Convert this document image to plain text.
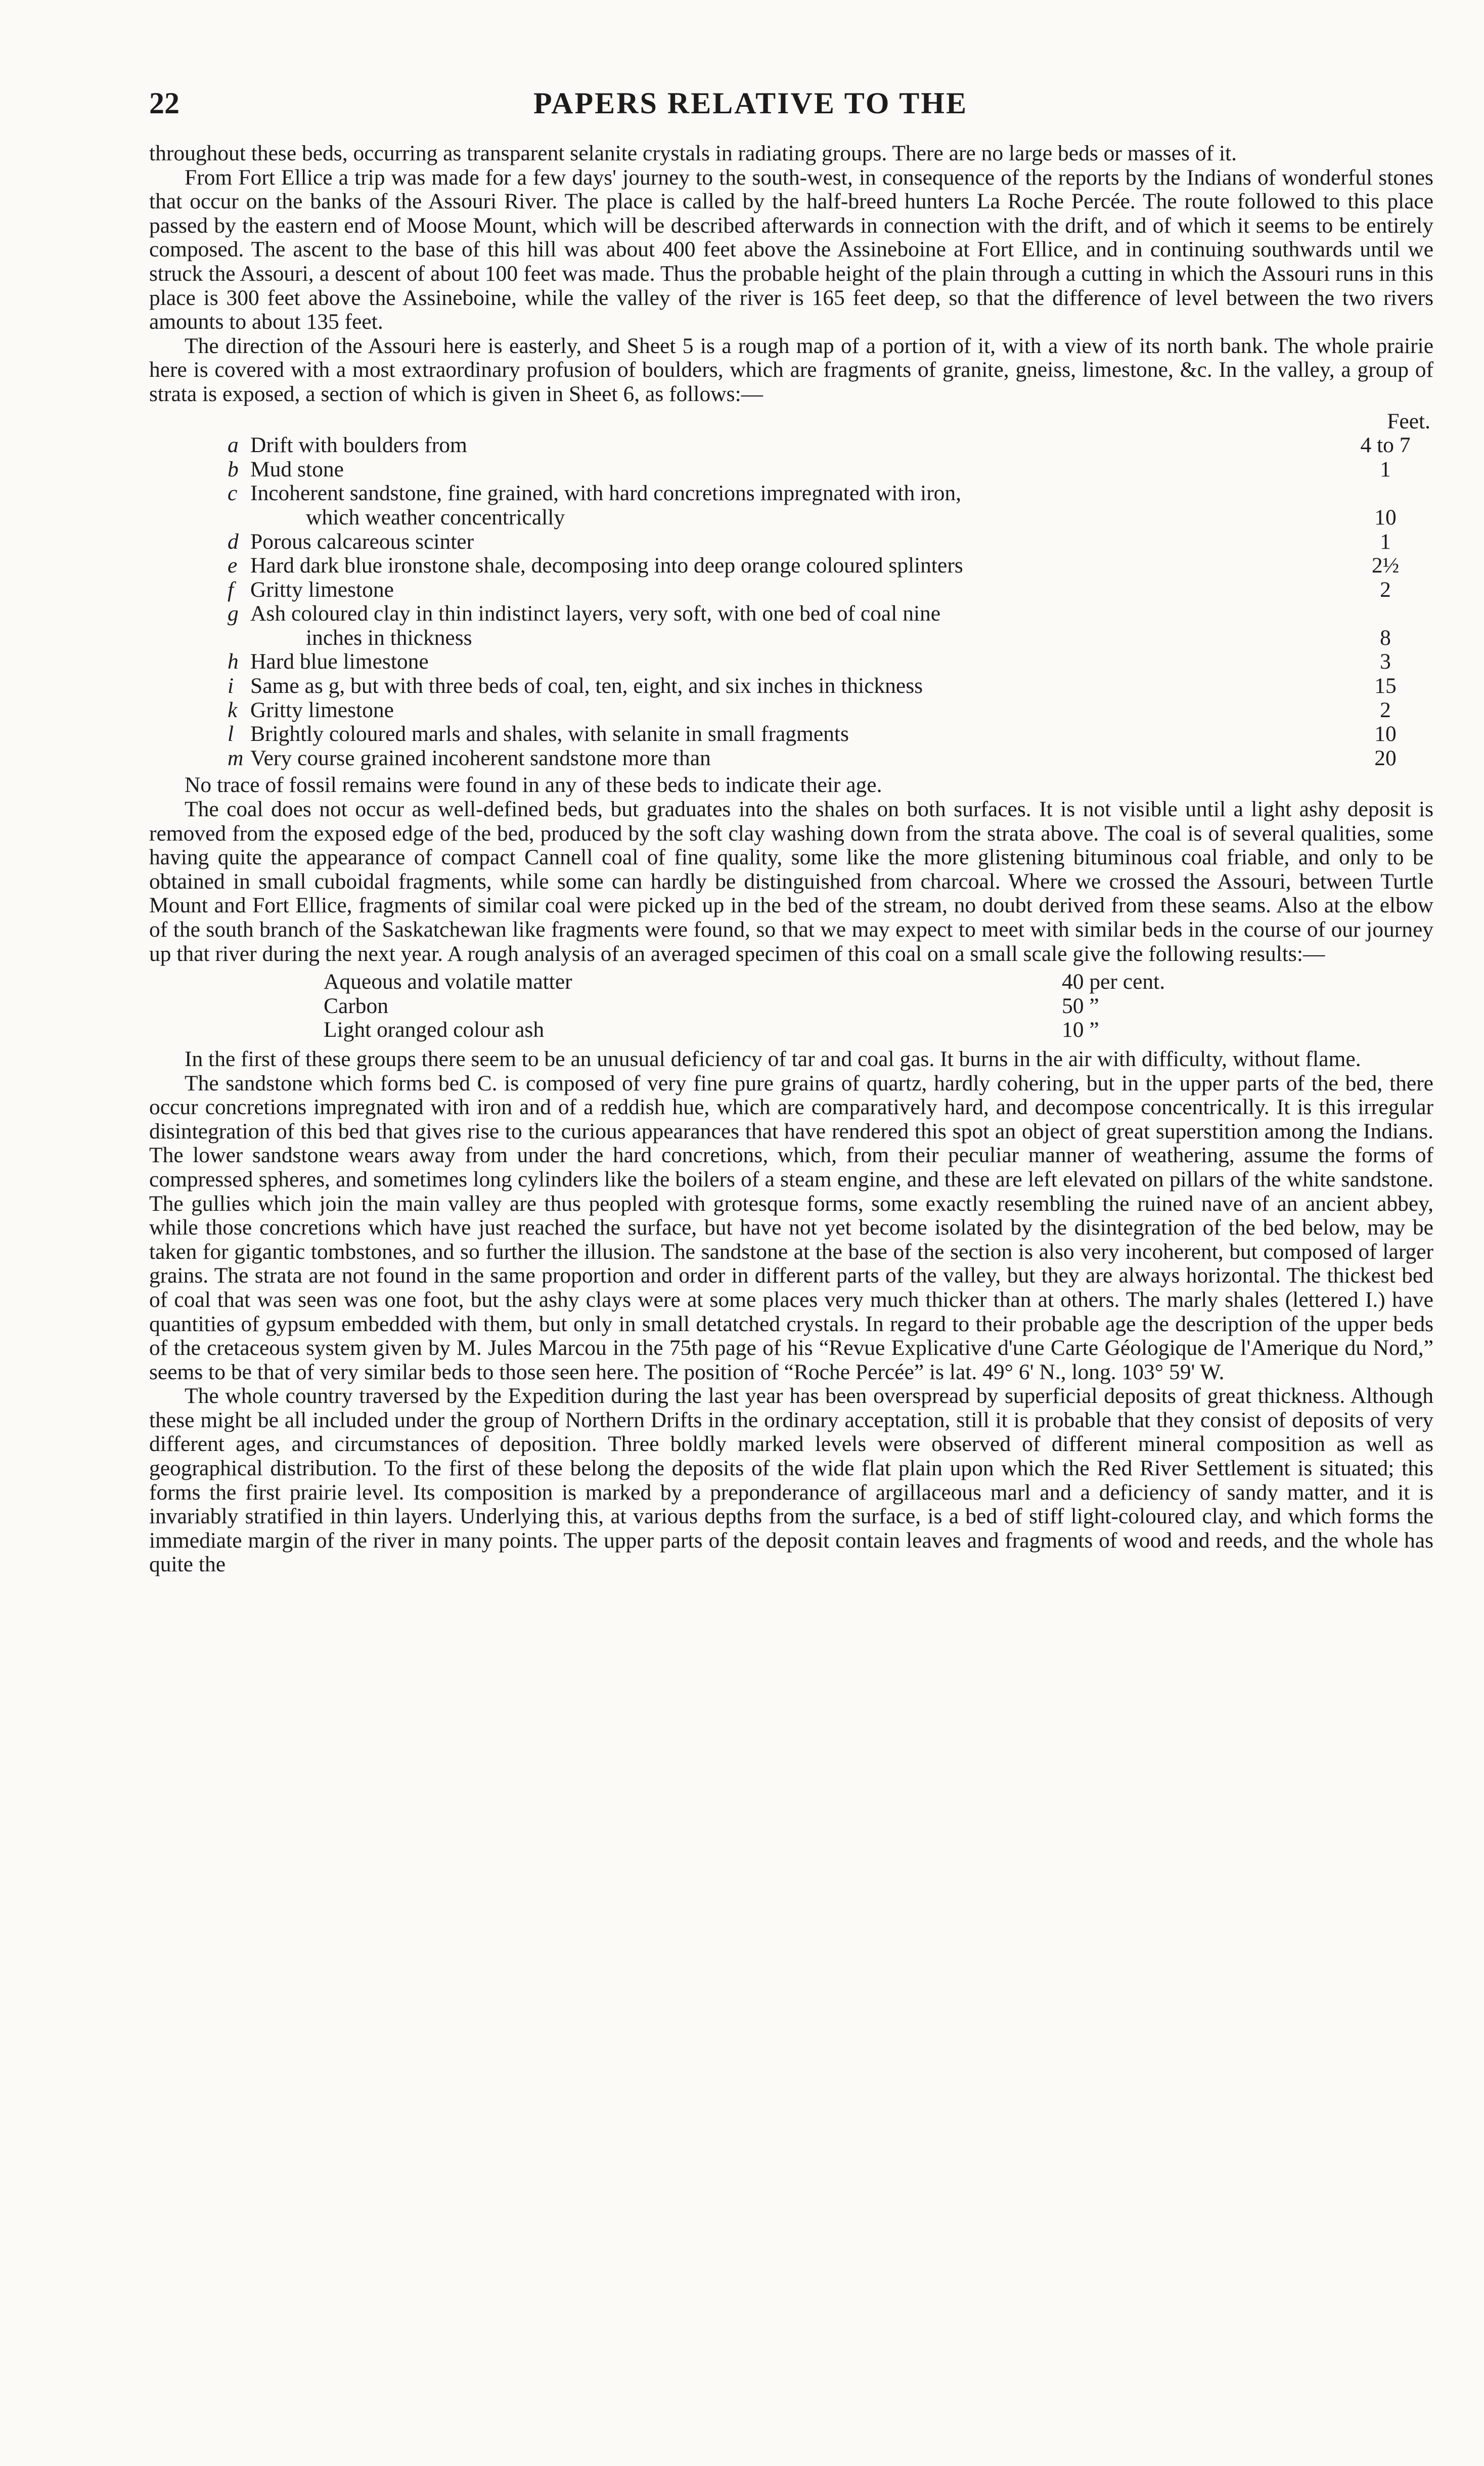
22	PAPERS RELATIVE TO THE

throughout these beds, occurring as transparent selanite crystals in radiating groups. There are no large beds or masses of it.

From Fort Ellice a trip was made for a few days' journey to the south-west, in consequence of the reports by the Indians of wonderful stones that occur on the banks of the Assouri River. The place is called by the half-breed hunters La Roche Percée. The route followed to this place passed by the eastern end of Moose Mount, which will be described afterwards in connection with the drift, and of which it seems to be entirely composed. The ascent to the base of this hill was about 400 feet above the Assineboine at Fort Ellice, and in continuing southwards until we struck the Assouri, a descent of about 100 feet was made. Thus the probable height of the plain through a cutting in which the Assouri runs in this place is 300 feet above the Assineboine, while the valley of the river is 165 feet deep, so that the difference of level between the two rivers amounts to about 135 feet.

The direction of the Assouri here is easterly, and Sheet 5 is a rough map of a portion of it, with a view of its north bank. The whole prairie here is covered with a most extraordinary profusion of boulders, which are fragments of granite, gneiss, limestone, &c. In the valley, a group of strata is exposed, a section of which is given in Sheet 6, as follows:—

Feet.
a Drift with boulders from	4 to 7
b Mud stone	1
c Incoherent sandstone, fine grained, with hard concretions impregnated with iron,
which weather concentrically	10
d Porous calcareous scinter	1
e Hard dark blue ironstone shale, decomposing into deep orange coloured splinters	2½
f Gritty limestone	2
g Ash coloured clay in thin indistinct layers, very soft, with one bed of coal nine
inches in thickness	8
h Hard blue limestone	3
i Same as g, but with three beds of coal, ten, eight, and six inches in thickness	15
k Gritty limestone	2
l Brightly coloured marls and shales, with selanite in small fragments	10
m Very course grained incoherent sandstone more than	20

No trace of fossil remains were found in any of these beds to indicate their age.

The coal does not occur as well-defined beds, but graduates into the shales on both surfaces. It is not visible until a light ashy deposit is removed from the exposed edge of the bed, produced by the soft clay washing down from the strata above. The coal is of several qualities, some having quite the appearance of compact Cannell coal of fine quality, some like the more glistening bituminous coal friable, and only to be obtained in small cuboidal fragments, while some can hardly be distinguished from charcoal. Where we crossed the Assouri, between Turtle Mount and Fort Ellice, fragments of similar coal were picked up in the bed of the stream, no doubt derived from these seams. Also at the elbow of the south branch of the Saskatchewan like fragments were found, so that we may expect to meet with similar beds in the course of our journey up that river during the next year. A rough analysis of an averaged specimen of this coal on a small scale give the following results:—

Aqueous and volatile matter	40 per cent.
Carbon	50 ”
Light oranged colour ash	10 ”

In the first of these groups there seem to be an unusual deficiency of tar and coal gas. It burns in the air with difficulty, without flame.

The sandstone which forms bed C. is composed of very fine pure grains of quartz, hardly cohering, but in the upper parts of the bed, there occur concretions impregnated with iron and of a reddish hue, which are comparatively hard, and decompose concentrically. It is this irregular disintegration of this bed that gives rise to the curious appearances that have rendered this spot an object of great superstition among the Indians. The lower sandstone wears away from under the hard concretions, which, from their peculiar manner of weathering, assume the forms of compressed spheres, and sometimes long cylinders like the boilers of a steam engine, and these are left elevated on pillars of the white sandstone. The gullies which join the main valley are thus peopled with grotesque forms, some exactly resembling the ruined nave of an ancient abbey, while those concretions which have just reached the surface, but have not yet become isolated by the disintegration of the bed below, may be taken for gigantic tombstones, and so further the illusion. The sandstone at the base of the section is also very incoherent, but composed of larger grains. The strata are not found in the same proportion and order in different parts of the valley, but they are always horizontal. The thickest bed of coal that was seen was one foot, but the ashy clays were at some places very much thicker than at others. The marly shales (lettered I.) have quantities of gypsum embedded with them, but only in small detatched crystals. In regard to their probable age the description of the upper beds of the cretaceous system given by M. Jules Marcou in the 75th page of his “Revue Explicative d'une Carte Géologique de l'Amerique du Nord,” seems to be that of very similar beds to those seen here. The position of “Roche Percée” is lat. 49° 6' N., long. 103° 59' W.

The whole country traversed by the Expedition during the last year has been overspread by superficial deposits of great thickness. Although these might be all included under the group of Northern Drifts in the ordinary acceptation, still it is probable that they consist of deposits of very different ages, and circumstances of deposition. Three boldly marked levels were observed of different mineral composition as well as geographical distribution. To the first of these belong the deposits of the wide flat plain upon which the Red River Settlement is situated; this forms the first prairie level. Its composition is marked by a preponderance of argillaceous marl and a deficiency of sandy matter, and it is invariably stratified in thin layers. Underlying this, at various depths from the surface, is a bed of stiff light-coloured clay, and which forms the immediate margin of the river in many points. The upper parts of the deposit contain leaves and fragments of wood and reeds, and the whole has quite the
